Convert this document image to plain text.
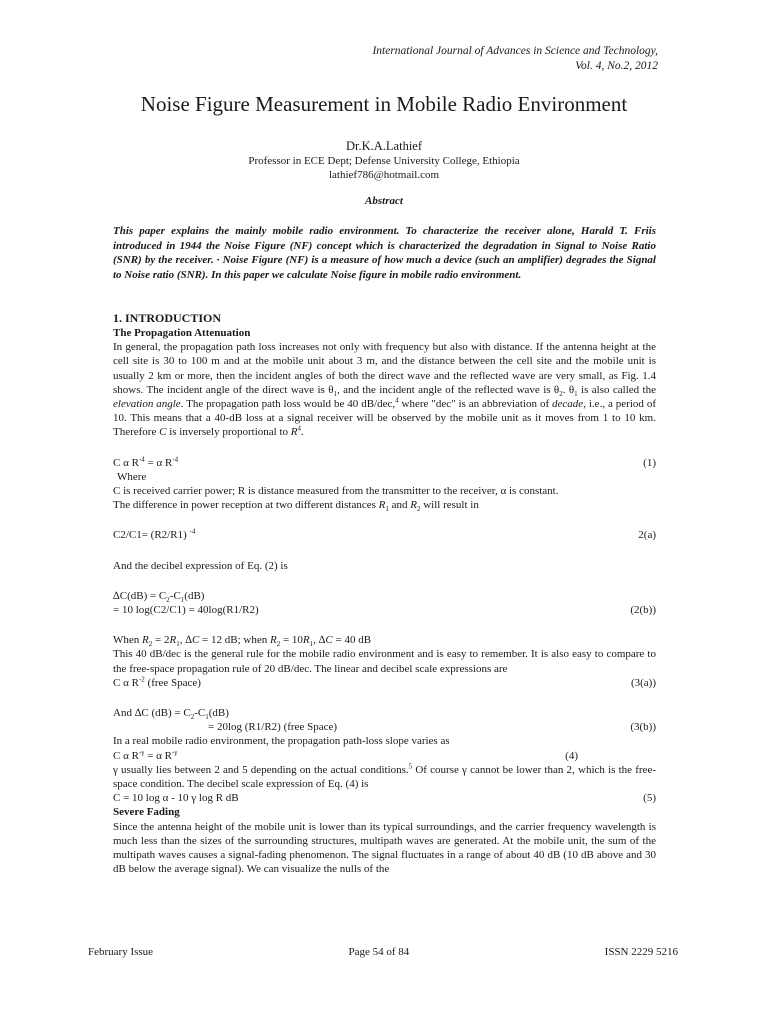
International Journal of Advances in Science and Technology,
Vol. 4, No.2, 2012
Noise Figure Measurement in Mobile Radio Environment
Dr.K.A.Lathief
Professor in ECE Dept; Defense University College, Ethiopia
lathief786@hotmail.com
Abstract
This paper explains the mainly mobile radio environment. To characterize the receiver alone, Harald T. Friis introduced in 1944 the Noise Figure (NF) concept which is characterized the degradation in Signal to Noise Ratio (SNR) by the receiver. · Noise Figure (NF) is a measure of how much a device (such an amplifier) degrades the Signal to Noise ratio (SNR). In this paper we calculate Noise figure in mobile radio environment.
1. INTRODUCTION
The Propagation Attenuation
In general, the propagation path loss increases not only with frequency but also with distance. If the antenna height at the cell site is 30 to 100 m and at the mobile unit about 3 m, and the distance between the cell site and the mobile unit is usually 2 km or more, then the incident angles of both the direct wave and the reflected wave are very small, as Fig. 1.4 shows. The incident angle of the direct wave is $\theta_1$, and the incident angle of the reflected wave is $\theta_2$. $\theta_1$ is also called the elevation angle. The propagation path loss would be 40 dB/dec,$^4$ where "dec" is an abbreviation of decade, i.e., a period of 10. This means that a 40-dB loss at a signal receiver will be observed by the mobile unit as it moves from 1 to 10 km. Therefore C is inversely proportional to $R^4$.
C α $R^{-4} = \alpha$ $R^{-4}$	(1)
Where
C is received carrier power; R is distance measured from the transmitter to the receiver, α is constant.
The difference in power reception at two different distances $R_1$ and $R_2$ will result in
C2/C1= (R2/R1) $^{-4}$	2(a)
And the decibel expression of Eq. (2) is
$\Delta C(dB) = C_2-C_1(dB)$
= 10 log(C2/C1) = 40log(R1/R2)	(2(b))
When $R_2 = 2R_1$, ∆C = 12 dB; when $R_2 = 10R_1$, ∆C = 40 dB
This 40 dB/dec is the general rule for the mobile radio environment and is easy to remember. It is also easy to compare to the free-space propagation rule of 20 dB/dec. The linear and decibel scale expressions are
C α $R^{-2}$ (free Space)	(3(a))
And ∆C $(dB) = C_2-C_1(dB)$
= 20log (R1/R2) (free Space)	(3(b))
In a real mobile radio environment, the propagation path-loss slope varies as
C α $R^{-\gamma} = \alpha$ $R^{-\gamma}$	(4)
γ usually lies between 2 and 5 depending on the actual conditions.$^5$ Of course γ cannot be lower than 2, which is the free-space condition. The decibel scale expression of Eq. (4) is
C = 10 log α - 10 γ log R dB	(5)
Severe Fading
Since the antenna height of the mobile unit is lower than its typical surroundings, and the carrier frequency wavelength is much less than the sizes of the surrounding structures, multipath waves are generated. At the mobile unit, the sum of the multipath waves causes a signal-fading phenomenon. The signal fluctuates in a range of about 40 dB (10 dB above and 30 dB below the average signal). We can visualize the nulls of the
February Issue	Page 54 of 84	ISSN 2229 5216
